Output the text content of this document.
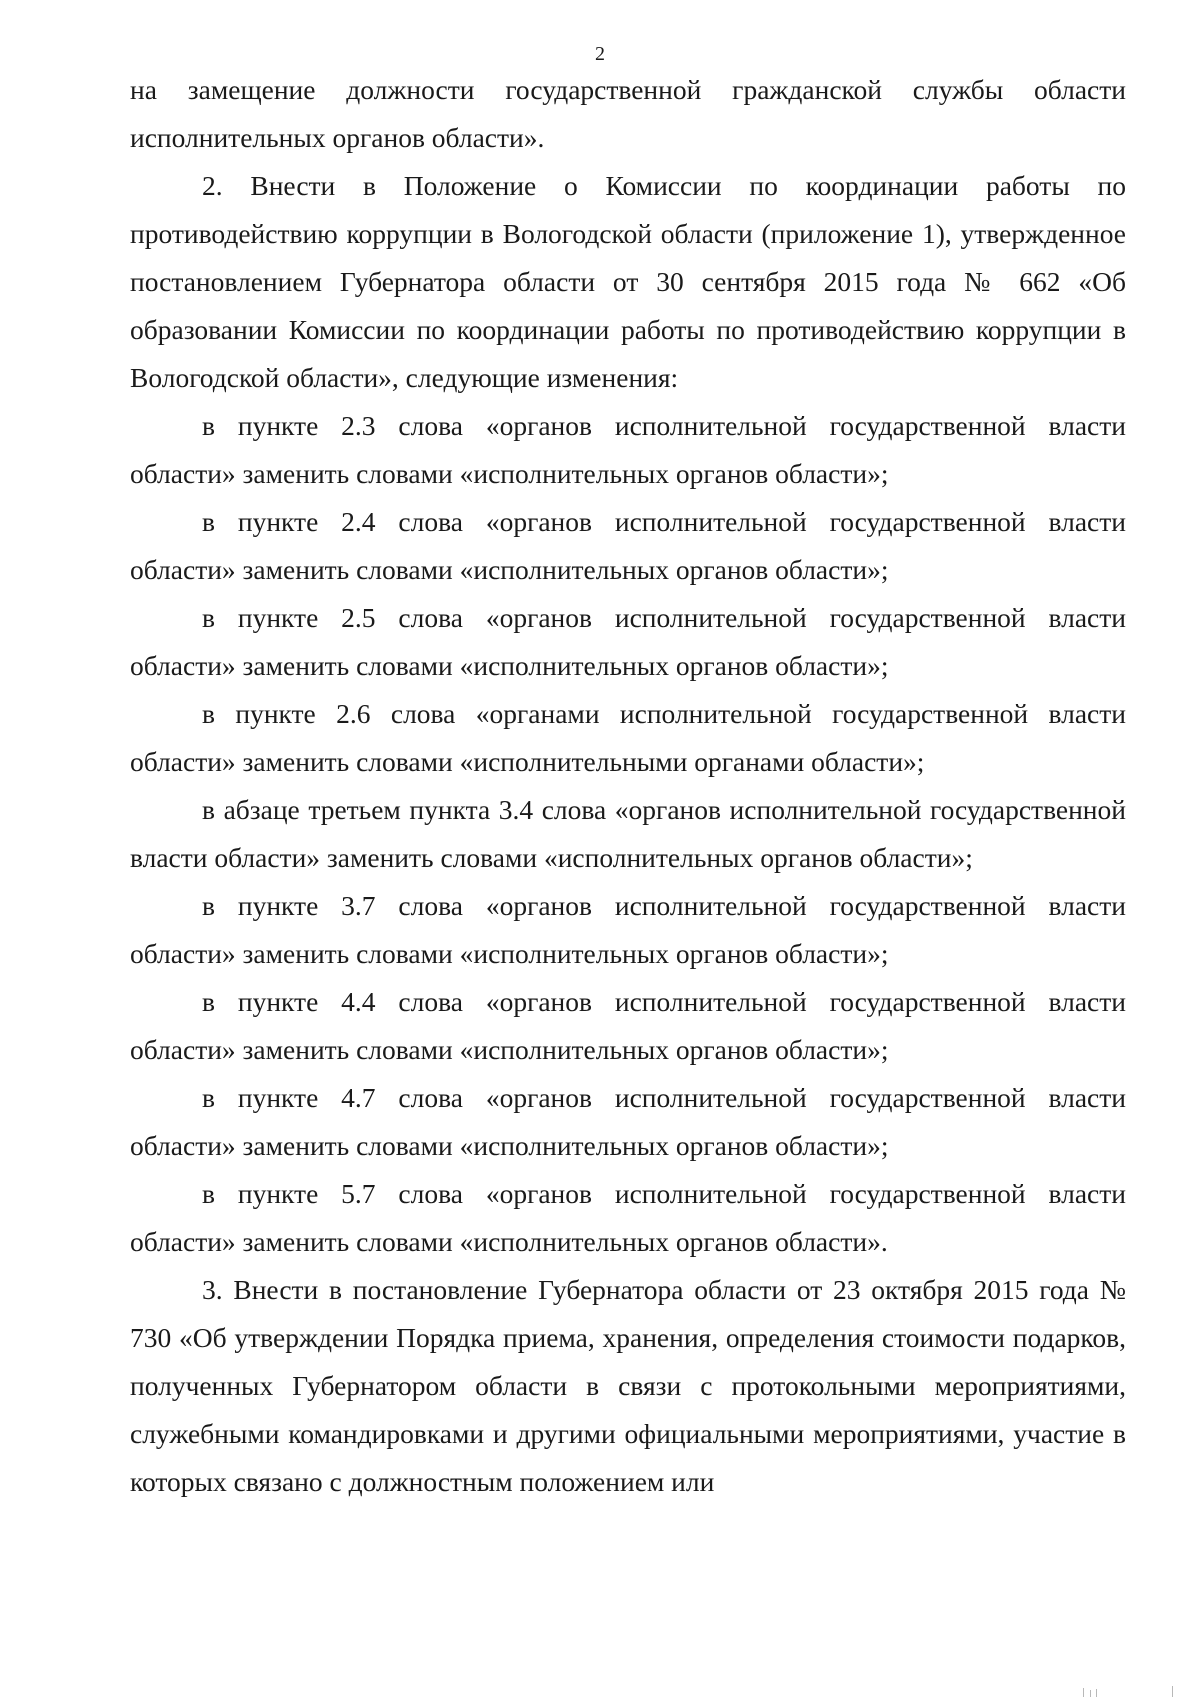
2

на замещение должности государственной гражданской службы области исполнительных органов области».

2. Внести в Положение о Комиссии по координации работы по противодействию коррупции в Вологодской области (приложение 1), утвержденное постановлением Губернатора области от 30 сентября 2015 года № 662 «Об образовании Комиссии по координации работы по противодействию коррупции в Вологодской области», следующие изменения:

в пункте 2.3 слова «органов исполнительной государственной власти области» заменить словами «исполнительных органов области»;

в пункте 2.4 слова «органов исполнительной государственной власти области» заменить словами «исполнительных органов области»;

в пункте 2.5 слова «органов исполнительной государственной власти области» заменить словами «исполнительных органов области»;

в пункте 2.6 слова «органами исполнительной государственной власти области» заменить словами «исполнительными органами области»;

в абзаце третьем пункта 3.4 слова «органов исполнительной государственной власти области» заменить словами «исполнительных органов области»;

в пункте 3.7 слова «органов исполнительной государственной власти области» заменить словами «исполнительных органов области»;

в пункте 4.4 слова «органов исполнительной государственной власти области» заменить словами «исполнительных органов области»;

в пункте 4.7 слова «органов исполнительной государственной власти области» заменить словами «исполнительных органов области»;

в пункте 5.7 слова «органов исполнительной государственной власти области» заменить словами «исполнительных органов области».

3. Внести в постановление Губернатора области от 23 октября 2015 года № 730 «Об утверждении Порядка приема, хранения, определения стоимости подарков, полученных Губернатором области в связи с протокольными мероприятиями, служебными командировками и другими официальными мероприятиями, участие в которых связано с должностным положением или
